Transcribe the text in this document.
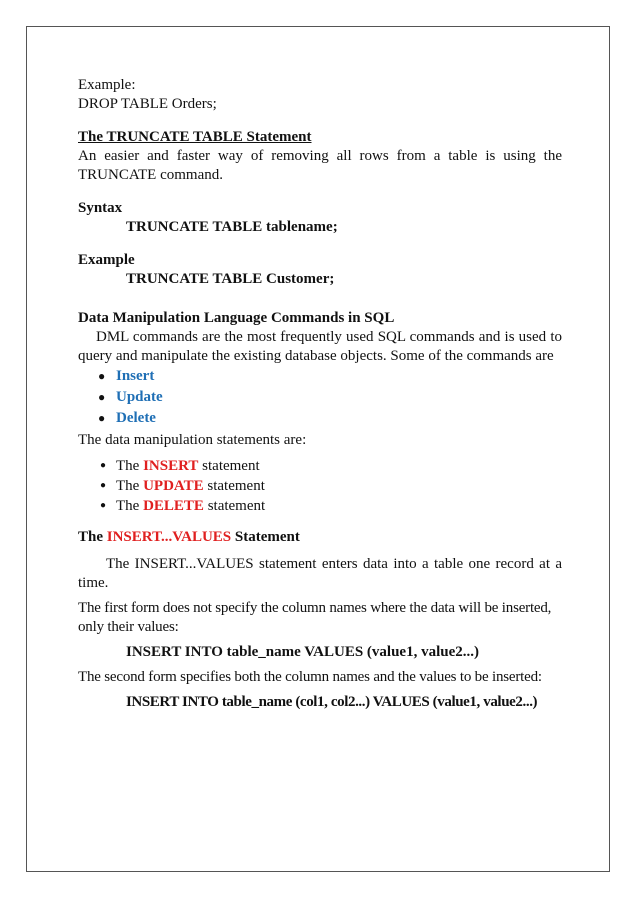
Example:

DROP TABLE Orders;

The TRUNCATE TABLE Statement

An easier and faster way of removing all rows from a table is using the TRUNCATE command.

Syntax

TRUNCATE TABLE tablename;

Example

TRUNCATE TABLE Customer;

Data Manipulation Language Commands in SQL

DML commands are the most frequently used SQL commands and is used to query and manipulate the existing database objects. Some of the commands are

● Insert
● Update
● Delete

The data manipulation statements are:

● The INSERT statement
● The UPDATE statement
● The DELETE statement

The INSERT...VALUES Statement

The INSERT...VALUES statement enters data into a table one record at a time.

The first form does not specify the column names where the data will be inserted, only their values:

INSERT INTO table_name VALUES (value1, value2...)

The second form specifies both the column names and the values to be inserted:

INSERT INTO table_name (col1, col2...) VALUES (value1, value2...)
